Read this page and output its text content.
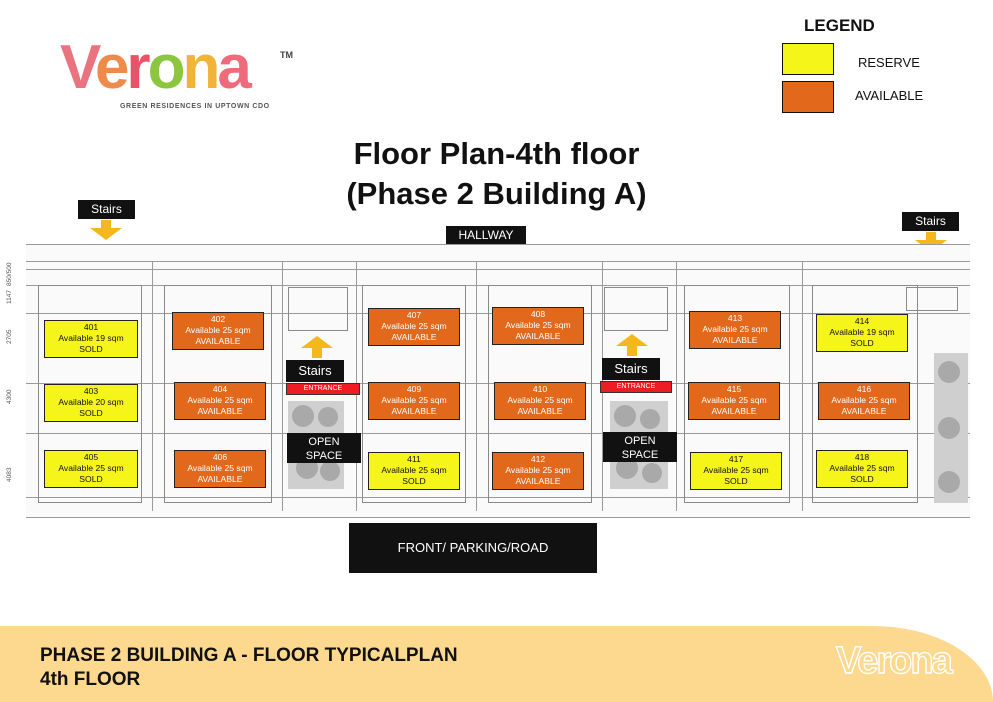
Verona	TM
GREEN RESIDENCES IN UPTOWN CDO
LEGEND
RESERVE
AVAILABLE
Floor Plan-4th floor
(Phase 2 Building A)
Stairs
Stairs
HALLWAY
850/500
1147
2705
4300
4083
401
Available 19 sqm
SOLD
402
Available 25 sqm
AVAILABLE
407
Available 25 sqm
AVAILABLE
408
Available 25 sqm
AVAILABLE
413
Available 25 sqm
AVAILABLE
414
Available 19 sqm
SOLD
403
Available 20 sqm
SOLD
404
Available 25 sqm
AVAILABLE
409
Available 25 sqm
AVAILABLE
410
Available 25 sqm
AVAILABLE
415
Available 25 sqm
AVAILABLE
416
Available 25 sqm
AVAILABLE
405
Available 25 sqm
SOLD
406
Available 25 sqm
AVAILABLE
411
Available 25 sqm
SOLD
412
Available 25 sqm
AVAILABLE
417
Available 25 sqm
SOLD
418
Available 25 sqm
SOLD
Stairs
ENTRANCE
Stairs
ENTRANCE
OPEN
SPACE
OPEN
SPACE
FRONT/ PARKING/ROAD
PHASE 2 BUILDING A - FLOOR TYPICALPLAN
4th FLOOR	Verona
